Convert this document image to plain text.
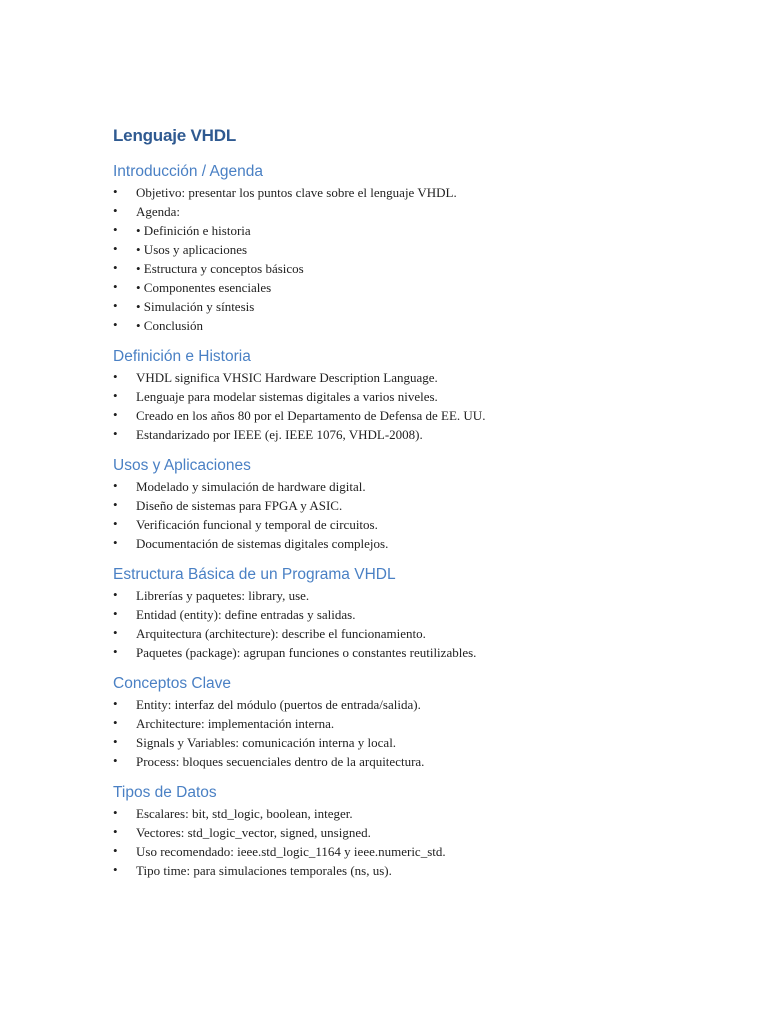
Lenguaje VHDL
Introducción / Agenda
• Objetivo: presentar los puntos clave sobre el lenguaje VHDL.
• Agenda:
• • Definición e historia
• • Usos y aplicaciones
• • Estructura y conceptos básicos
• • Componentes esenciales
• • Simulación y síntesis
• • Conclusión
Definición e Historia
• VHDL significa VHSIC Hardware Description Language.
• Lenguaje para modelar sistemas digitales a varios niveles.
• Creado en los años 80 por el Departamento de Defensa de EE. UU.
• Estandarizado por IEEE (ej. IEEE 1076, VHDL-2008).
Usos y Aplicaciones
• Modelado y simulación de hardware digital.
• Diseño de sistemas para FPGA y ASIC.
• Verificación funcional y temporal de circuitos.
• Documentación de sistemas digitales complejos.
Estructura Básica de un Programa VHDL
• Librerías y paquetes: library, use.
• Entidad (entity): define entradas y salidas.
• Arquitectura (architecture): describe el funcionamiento.
• Paquetes (package): agrupan funciones o constantes reutilizables.
Conceptos Clave
• Entity: interfaz del módulo (puertos de entrada/salida).
• Architecture: implementación interna.
• Signals y Variables: comunicación interna y local.
• Process: bloques secuenciales dentro de la arquitectura.
Tipos de Datos
• Escalares: bit, std_logic, boolean, integer.
• Vectores: std_logic_vector, signed, unsigned.
• Uso recomendado: ieee.std_logic_1164 y ieee.numeric_std.
• Tipo time: para simulaciones temporales (ns, us).
